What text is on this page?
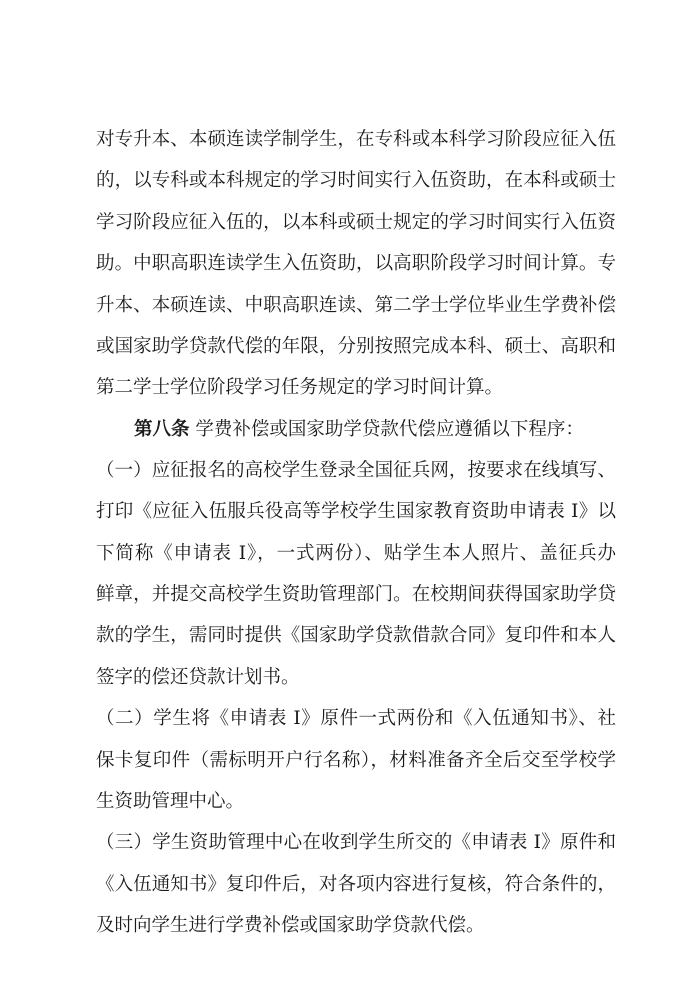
对专升本、本硕连读学制学生，在专科或本科学习阶段应征入伍
的，以专科或本科规定的学习时间实行入伍资助，在本科或硕士
学习阶段应征入伍的，以本科或硕士规定的学习时间实行入伍资
助。中职高职连读学生入伍资助，以高职阶段学习时间计算。专
升本、本硕连读、中职高职连读、第二学士学位毕业生学费补偿
或国家助学贷款代偿的年限，分别按照完成本科、硕士、高职和
第二学士学位阶段学习任务规定的学习时间计算。
第八条 学费补偿或国家助学贷款代偿应遵循以下程序：
（一）应征报名的高校学生登录全国征兵网，按要求在线填写、
打印《应征入伍服兵役高等学校学生国家教育资助申请表 I》以
下简称《申请表 I》，一式两份）、贴学生本人照片、盖征兵办
鲜章，并提交高校学生资助管理部门。在校期间获得国家助学贷
款的学生，需同时提供《国家助学贷款借款合同》复印件和本人
签字的偿还贷款计划书。
（二）学生将《申请表 I》原件一式两份和《入伍通知书》、社
保卡复印件（需标明开户行名称），材料准备齐全后交至学校学
生资助管理中心。
（三）学生资助管理中心在收到学生所交的《申请表 I》原件和
《入伍通知书》复印件后，对各项内容进行复核，符合条件的，
及时向学生进行学费补偿或国家助学贷款代偿。
